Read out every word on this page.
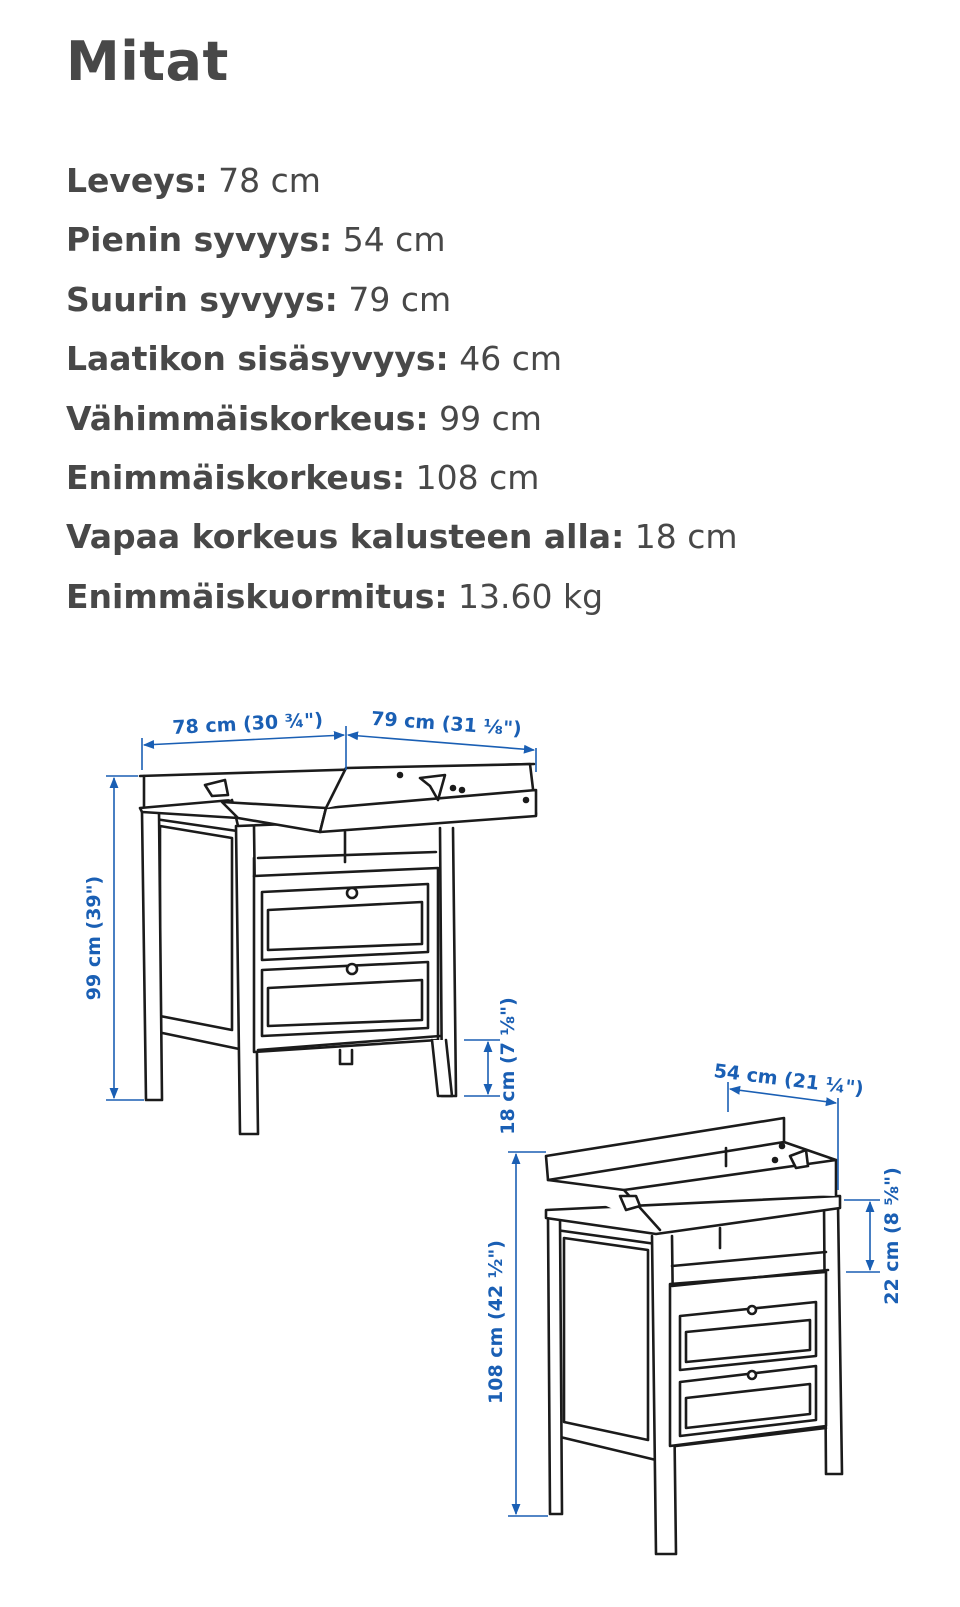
Mitat
Leveys: 78 cm
Pienin syvyys: 54 cm
Suurin syvyys: 79 cm
Laatikon sisäsyvyys: 46 cm
Vähimmäiskorkeus: 99 cm
Enimmäiskorkeus: 108 cm
Vapaa korkeus kalusteen alla: 18 cm
Enimmäiskuormitus: 13.60 kg
78 cm (30 ¾") 79 cm (31 ⅛")
99 cm (39")
18 cm (7 ⅛")	54 cm (21 ¼")
22 cm (8 ⅝")
108 cm (42 ½")
